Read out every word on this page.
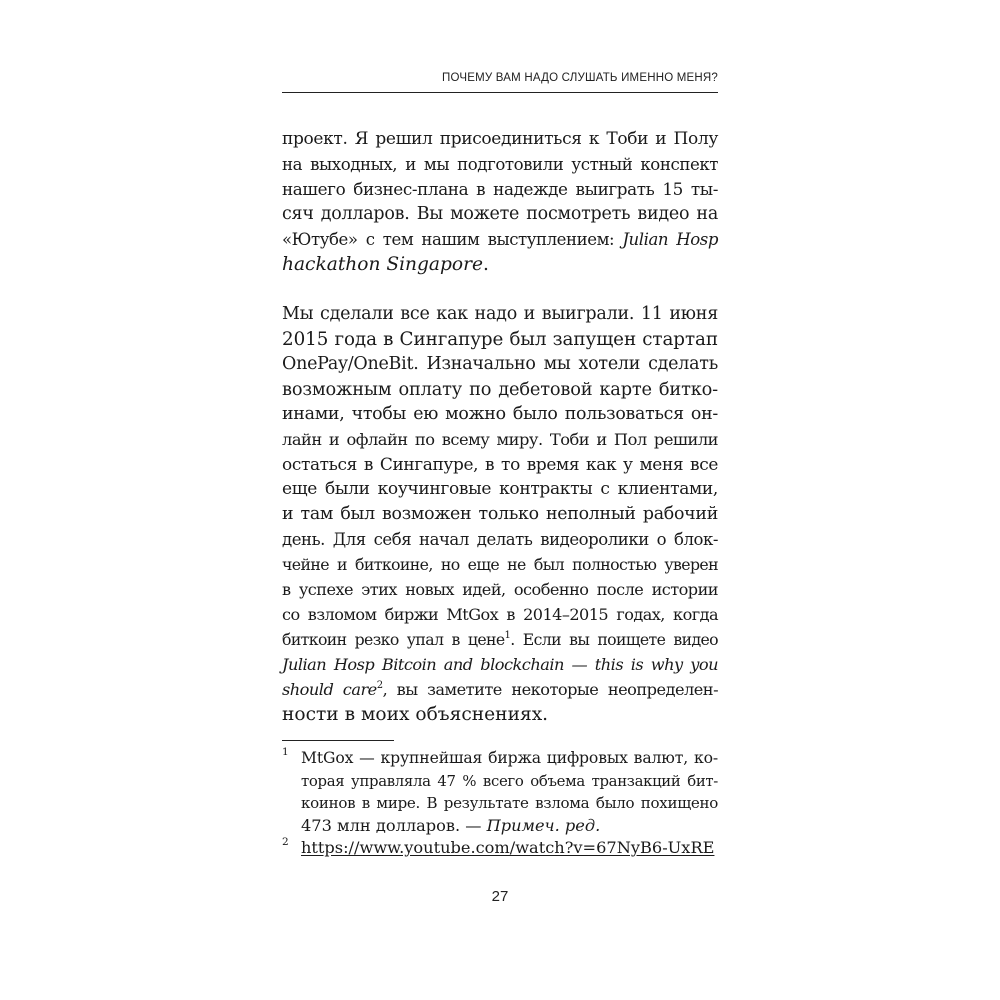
ПОЧЕМУ ВАМ НАДО СЛУШАТЬ ИМЕННО МЕНЯ?

проект. Я решил присоединиться к Тоби и Полу
на выходных, и мы подготовили устный конспект
нашего бизнес-плана в надежде выиграть 15 ты-
сяч долларов. Вы можете посмотреть видео на
«Ютубе» с тем нашим выступлением: Julian Hosp
hackathon Singapore.

Мы сделали все как надо и выиграли. 11 июня
2015 года в Сингапуре был запущен стартап
OnePay/OneBit. Изначально мы хотели сделать
возможным оплату по дебетовой карте битко-
инами, чтобы ею можно было пользоваться он-
лайн и офлайн по всему миру. Тоби и Пол решили
остаться в Сингапуре, в то время как у меня все
еще были коучинговые контракты с клиентами,
и там был возможен только неполный рабочий
день. Для себя начал делать видеоролики о блок-
чейне и биткоине, но еще не был полностью уверен
в успехе этих новых идей, особенно после истории
со взломом биржи MtGox в 2014–2015 годах, когда
биткоин резко упал в цене$^1$. Если вы поищете видео
Julian Hosp Bitcoin and blockchain — this is why you
should care$^2$, вы заметите некоторые неопределен-
ности в моих объяснениях.

1 MtGox — крупнейшая биржа цифровых валют, ко-
торая управляла 47 % всего объема транзакций бит-
коинов в мире. В результате взлома было похищено
473 млн долларов. — Примеч. ред.
2 https://www.youtube.com/watch?v=67NyB6-UxRE
27
